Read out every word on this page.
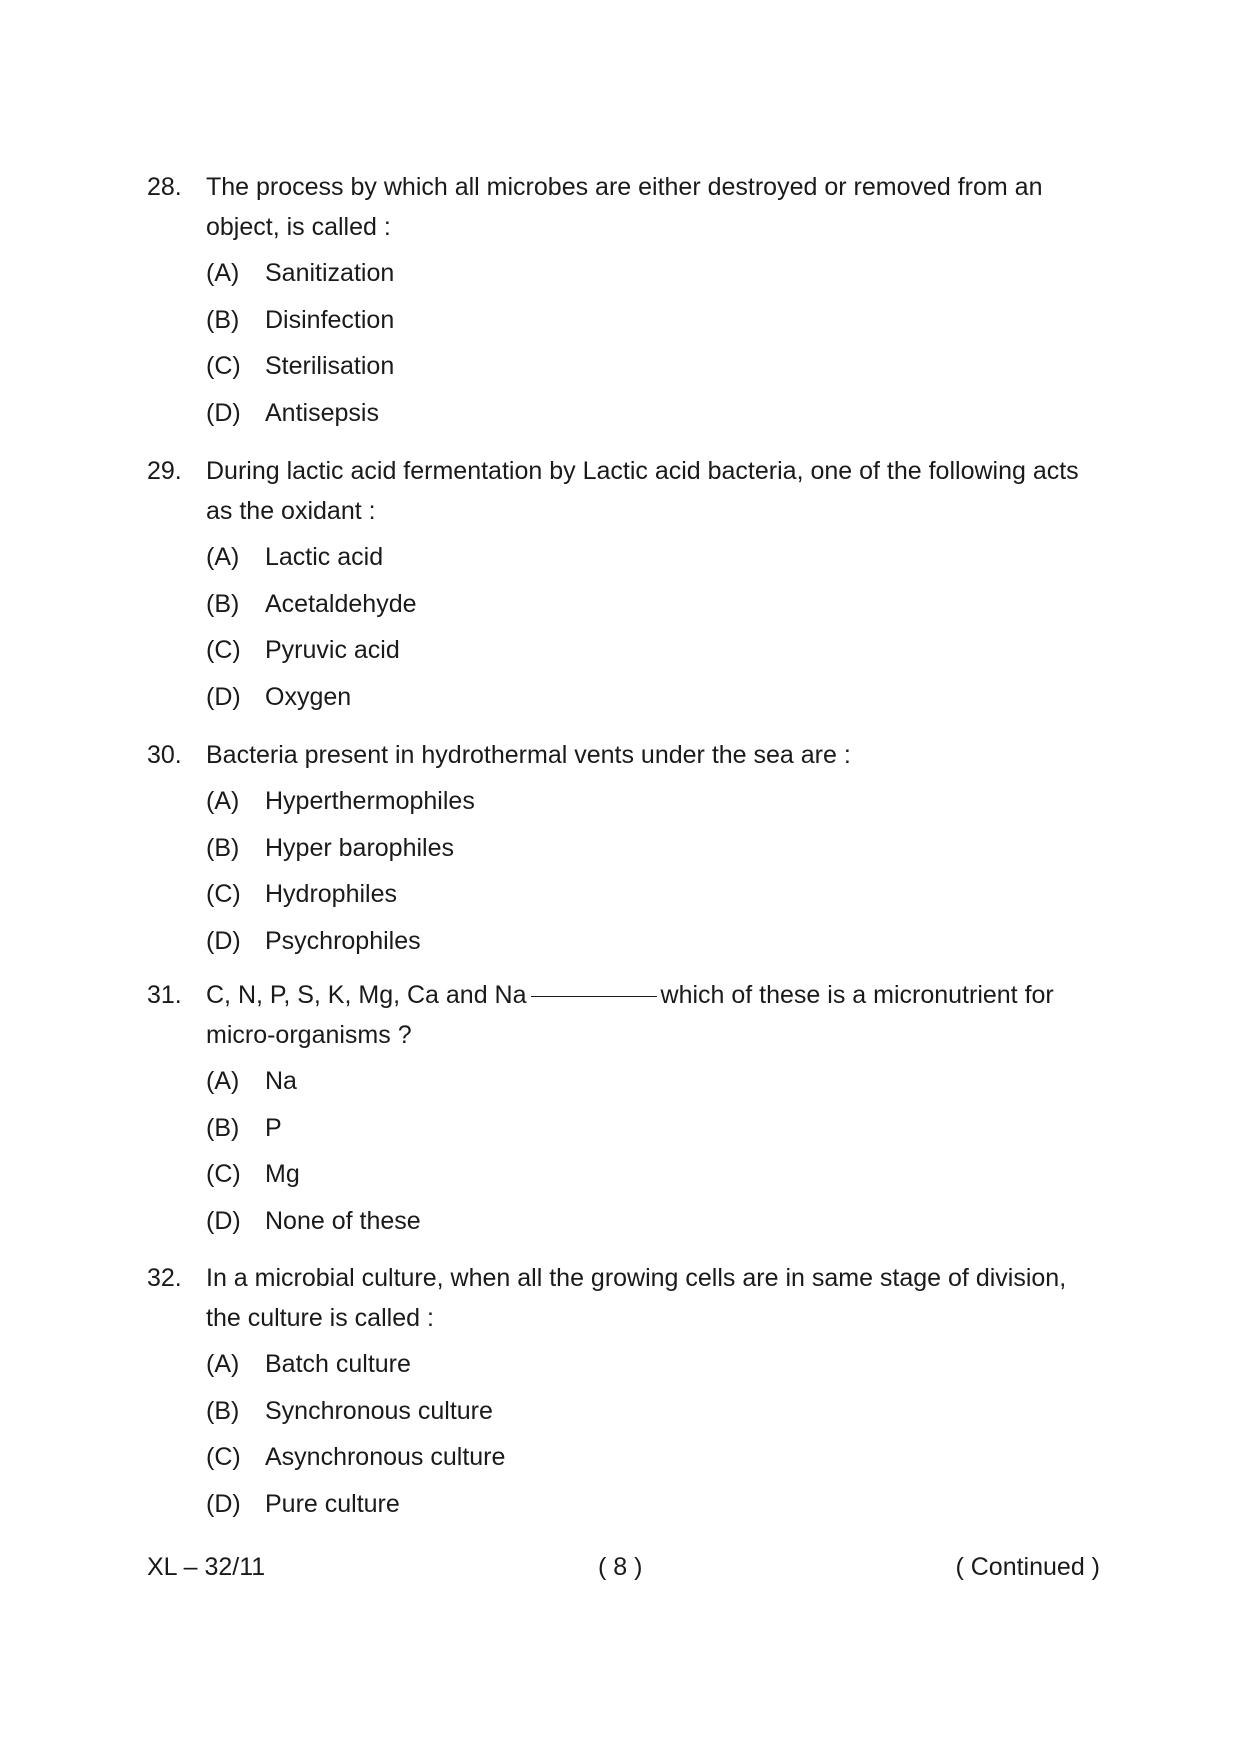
28. The process by which all microbes are either destroyed or removed from an object, is called :
(A) Sanitization
(B) Disinfection
(C) Sterilisation
(D) Antisepsis
29. During lactic acid fermentation by Lactic acid bacteria, one of the following acts as the oxidant :
(A) Lactic acid
(B) Acetaldehyde
(C) Pyruvic acid
(D) Oxygen
30. Bacteria present in hydrothermal vents under the sea are :
(A) Hyperthermophiles
(B) Hyper barophiles
(C) Hydrophiles
(D) Psychrophiles
31. C, N, P, S, K, Mg, Ca and Na	which of these is a micronutrient for micro-organisms ?
(A) Na
(B) P
(C) Mg
(D) None of these
32. In a microbial culture, when all the growing cells are in same stage of division, the culture is called :
(A) Batch culture
(B) Synchronous culture
(C) Asynchronous culture
(D) Pure culture
XL – 32/11	( 8 )	( Continued )
